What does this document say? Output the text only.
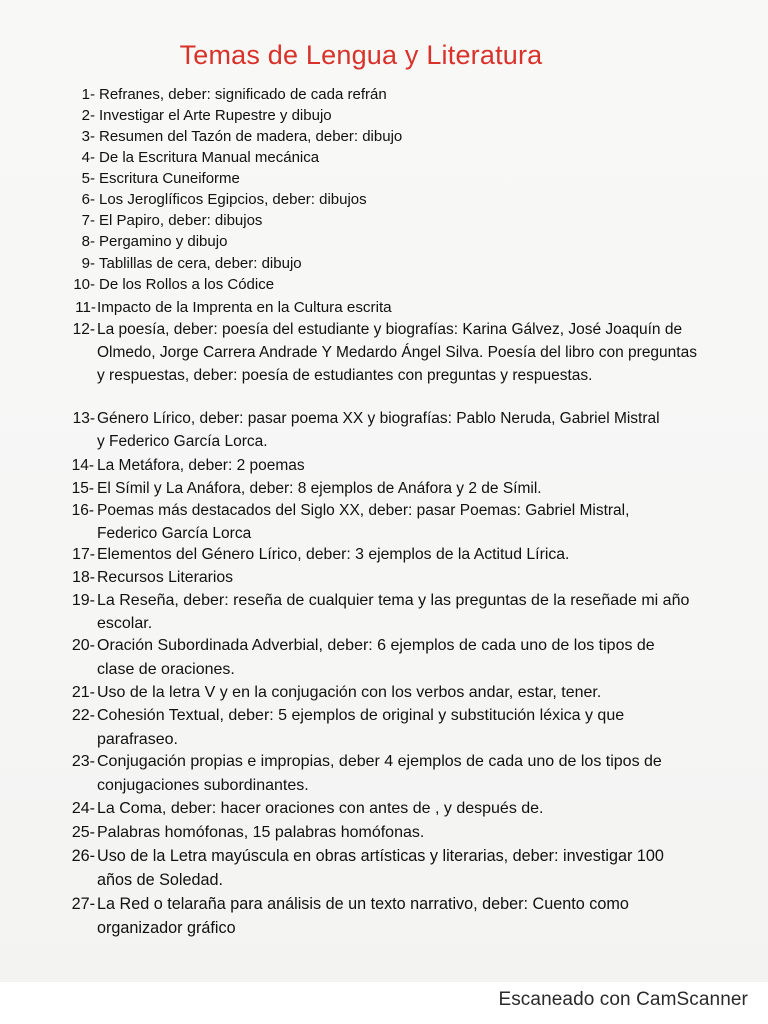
Temas de Lengua y Literatura
1- Refranes, deber: significado de cada refrán
2- Investigar el Arte Rupestre y dibujo
3- Resumen del Tazón de madera, deber: dibujo
4- De la Escritura Manual mecánica
5- Escritura Cuneiforme
6- Los Jeroglíficos Egipcios, deber: dibujos
7- El Papiro, deber: dibujos
8- Pergamino y dibujo
9- Tablillas de cera, deber: dibujo
10- De los Rollos a los Códice
11- Impacto de la Imprenta en la Cultura escrita
12- La poesía, deber: poesía del estudiante y biografías: Karina Gálvez, José Joaquín de Olmedo, Jorge Carrera Andrade Y Medardo Ángel Silva. Poesía del libro con preguntas y respuestas, deber: poesía de estudiantes con preguntas y respuestas.
13- Género Lírico, deber: pasar poema XX y biografías: Pablo Neruda, Gabriel Mistral y Federico García Lorca.
14- La Metáfora, deber: 2 poemas
15- El Símil y La Anáfora, deber: 8 ejemplos de Anáfora y 2 de Símil.
16- Poemas más destacados del Siglo XX, deber: pasar Poemas: Gabriel Mistral, Federico García Lorca
17- Elementos del Género Lírico, deber: 3 ejemplos de la Actitud Lírica.
18- Recursos Literarios
19- La Reseña, deber: reseña de cualquier tema y las preguntas de la reseñade mi año escolar.
20- Oración Subordinada Adverbial, deber: 6 ejemplos de cada uno de los tipos de clase de oraciones.
21- Uso de la letra V y en la conjugación con los verbos andar, estar, tener.
22- Cohesión Textual, deber: 5 ejemplos de original y substitución léxica y que parafraseo.
23- Conjugación propias e impropias, deber 4 ejemplos de cada uno de los tipos de conjugaciones subordinantes.
24- La Coma, deber: hacer oraciones con antes de , y después de.
25- Palabras homófonas, 15 palabras homófonas.
26- Uso de la Letra mayúscula en obras artísticas y literarias, deber: investigar 100 años de Soledad.
27- La Red o telaraña para análisis de un texto narrativo, deber: Cuento como organizador gráfico
Escaneado con CamScanner
